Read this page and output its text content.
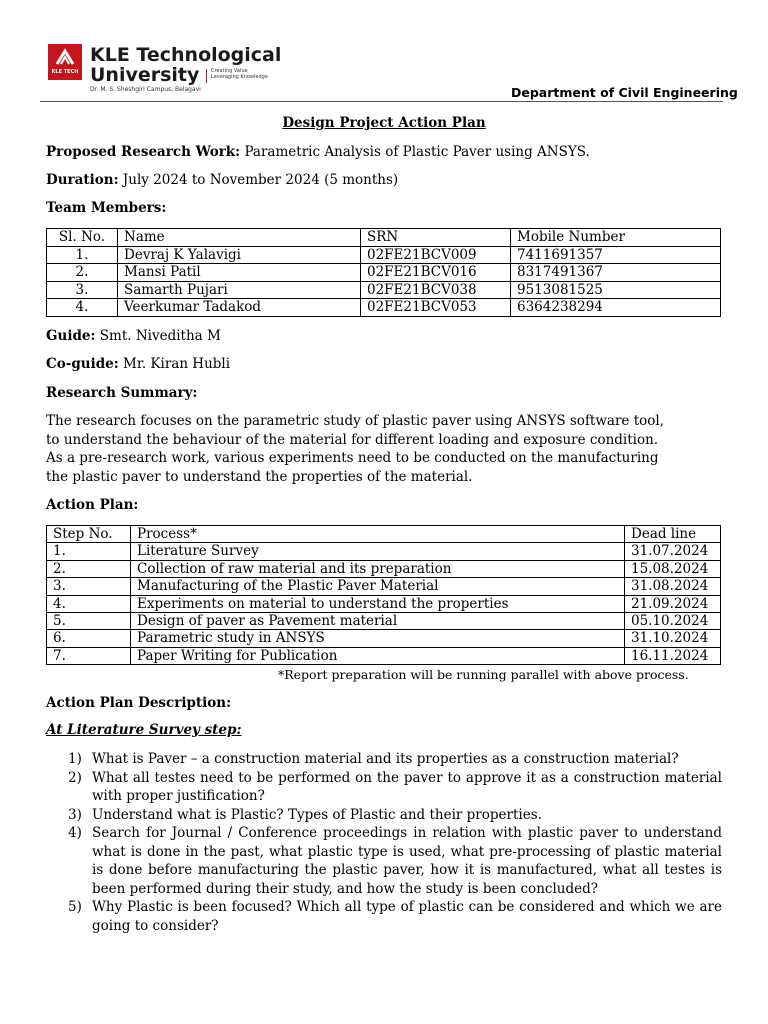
KLE TECH
KLE Technological
University Creating Value
Leveraging Knowledge
Dr. M. S. Sheshgiri Campus, Belagavi	Department of Civil Engineering
Design Project Action Plan
Proposed Research Work: Parametric Analysis of Plastic Paver using ANSYS.
Duration: July 2024 to November 2024 (5 months)
Team Members:
Sl. No.	Name	SRN	Mobile Number
1.	Devraj K Yalavigi	02FE21BCV009	7411691357
2.	Mansi Patil	02FE21BCV016	8317491367
3.	Samarth Pujari	02FE21BCV038	9513081525
4.	Veerkumar Tadakod	02FE21BCV053	6364238294
Guide: Smt. Niveditha M
Co-guide: Mr. Kiran Hubli
Research Summary:
The research focuses on the parametric study of plastic paver using ANSYS software tool,
to understand the behaviour of the material for different loading and exposure condition.
As a pre-research work, various experiments need to be conducted on the manufacturing
the plastic paver to understand the properties of the material.
Action Plan:
Step No.	Process*	Dead line
1.	Literature Survey	31.07.2024
2.	Collection of raw material and its preparation	15.08.2024
3.	Manufacturing of the Plastic Paver Material	31.08.2024
4.	Experiments on material to understand the properties	21.09.2024
5.	Design of paver as Pavement material	05.10.2024
6.	Parametric study in ANSYS	31.10.2024
7.	Paper Writing for Publication	16.11.2024
*Report preparation will be running parallel with above process.
Action Plan Description:
At Literature Survey step:

1) What is Paver – a construction material and its properties as a construction material?

2) What all testes need to be performed on the paver to approve it as a construction material with proper justification?

3) Understand what is Plastic? Types of Plastic and their properties.

4) Search for Journal / Conference proceedings in relation with plastic paver to understand what is done in the past, what plastic type is used, what pre-processing of plastic material is done before manufacturing the plastic paver, how it is manufactured, what all testes is been performed during their study, and how the study is been concluded?

5) Why Plastic is been focused? Which all type of plastic can be considered and which we are going to consider?
